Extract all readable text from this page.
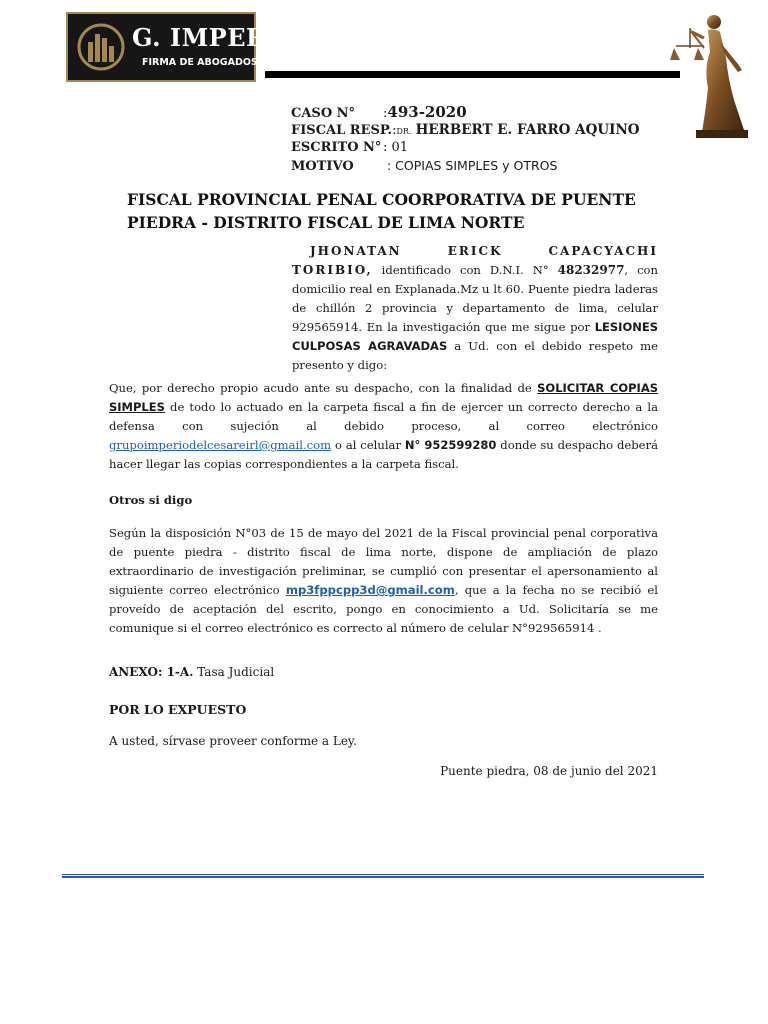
G. IMPERIO
FIRMA DE ABOGADOS
CASO N° :493-2020
FISCAL RESP.:DR. HERBERT E. FARRO AQUINO
ESCRITO N° : 01
MOTIVO	: COPIAS SIMPLES y OTROS
FISCAL PROVINCIAL PENAL COORPORATIVA DE PUENTE PIEDRA - DISTRITO FISCAL DE LIMA NORTE
JHONATAN ERICK CAPACYACHI TORIBIO, identificado con D.N.I. N° 48232977, con domicilio real en Explanada.Mz u lt 60. Puente piedra laderas de chillón 2 provincia y departamento de lima, celular 929565914. En la investigación que me sigue por LESIONES CULPOSAS AGRAVADAS a Ud. con el debido respeto me presento y digo:
Que, por derecho propio acudo ante su despacho, con la finalidad de SOLICITAR COPIAS SIMPLES de todo lo actuado en la carpeta fiscal a fin de ejercer un correcto derecho a la defensa con sujeción al debido proceso, al correo electrónico grupoimperiodelcesareirl@gmail.com o al celular N° 952599280 donde su despacho deberá hacer llegar las copias correspondientes a la carpeta fiscal.
Otros si digo
Según la disposición N°03 de 15 de mayo del 2021 de la Fiscal provincial penal corporativa de puente piedra - distrito fiscal de lima norte, dispone de ampliación de plazo extraordinario de investigación preliminar, se cumplió con presentar el apersonamiento al siguiente correo electrónico mp3fppcpp3d@gmail.com, que a la fecha no se recibió el proveído de aceptación del escrito, pongo en conocimiento a Ud. Solicitaría se me comunique si el correo electrónico es correcto al número de celular N°929565914 .
ANEXO: 1-A. Tasa Judicial
POR LO EXPUESTO
A usted, sírvase proveer conforme a Ley.
Puente piedra, 08 de junio del 2021
